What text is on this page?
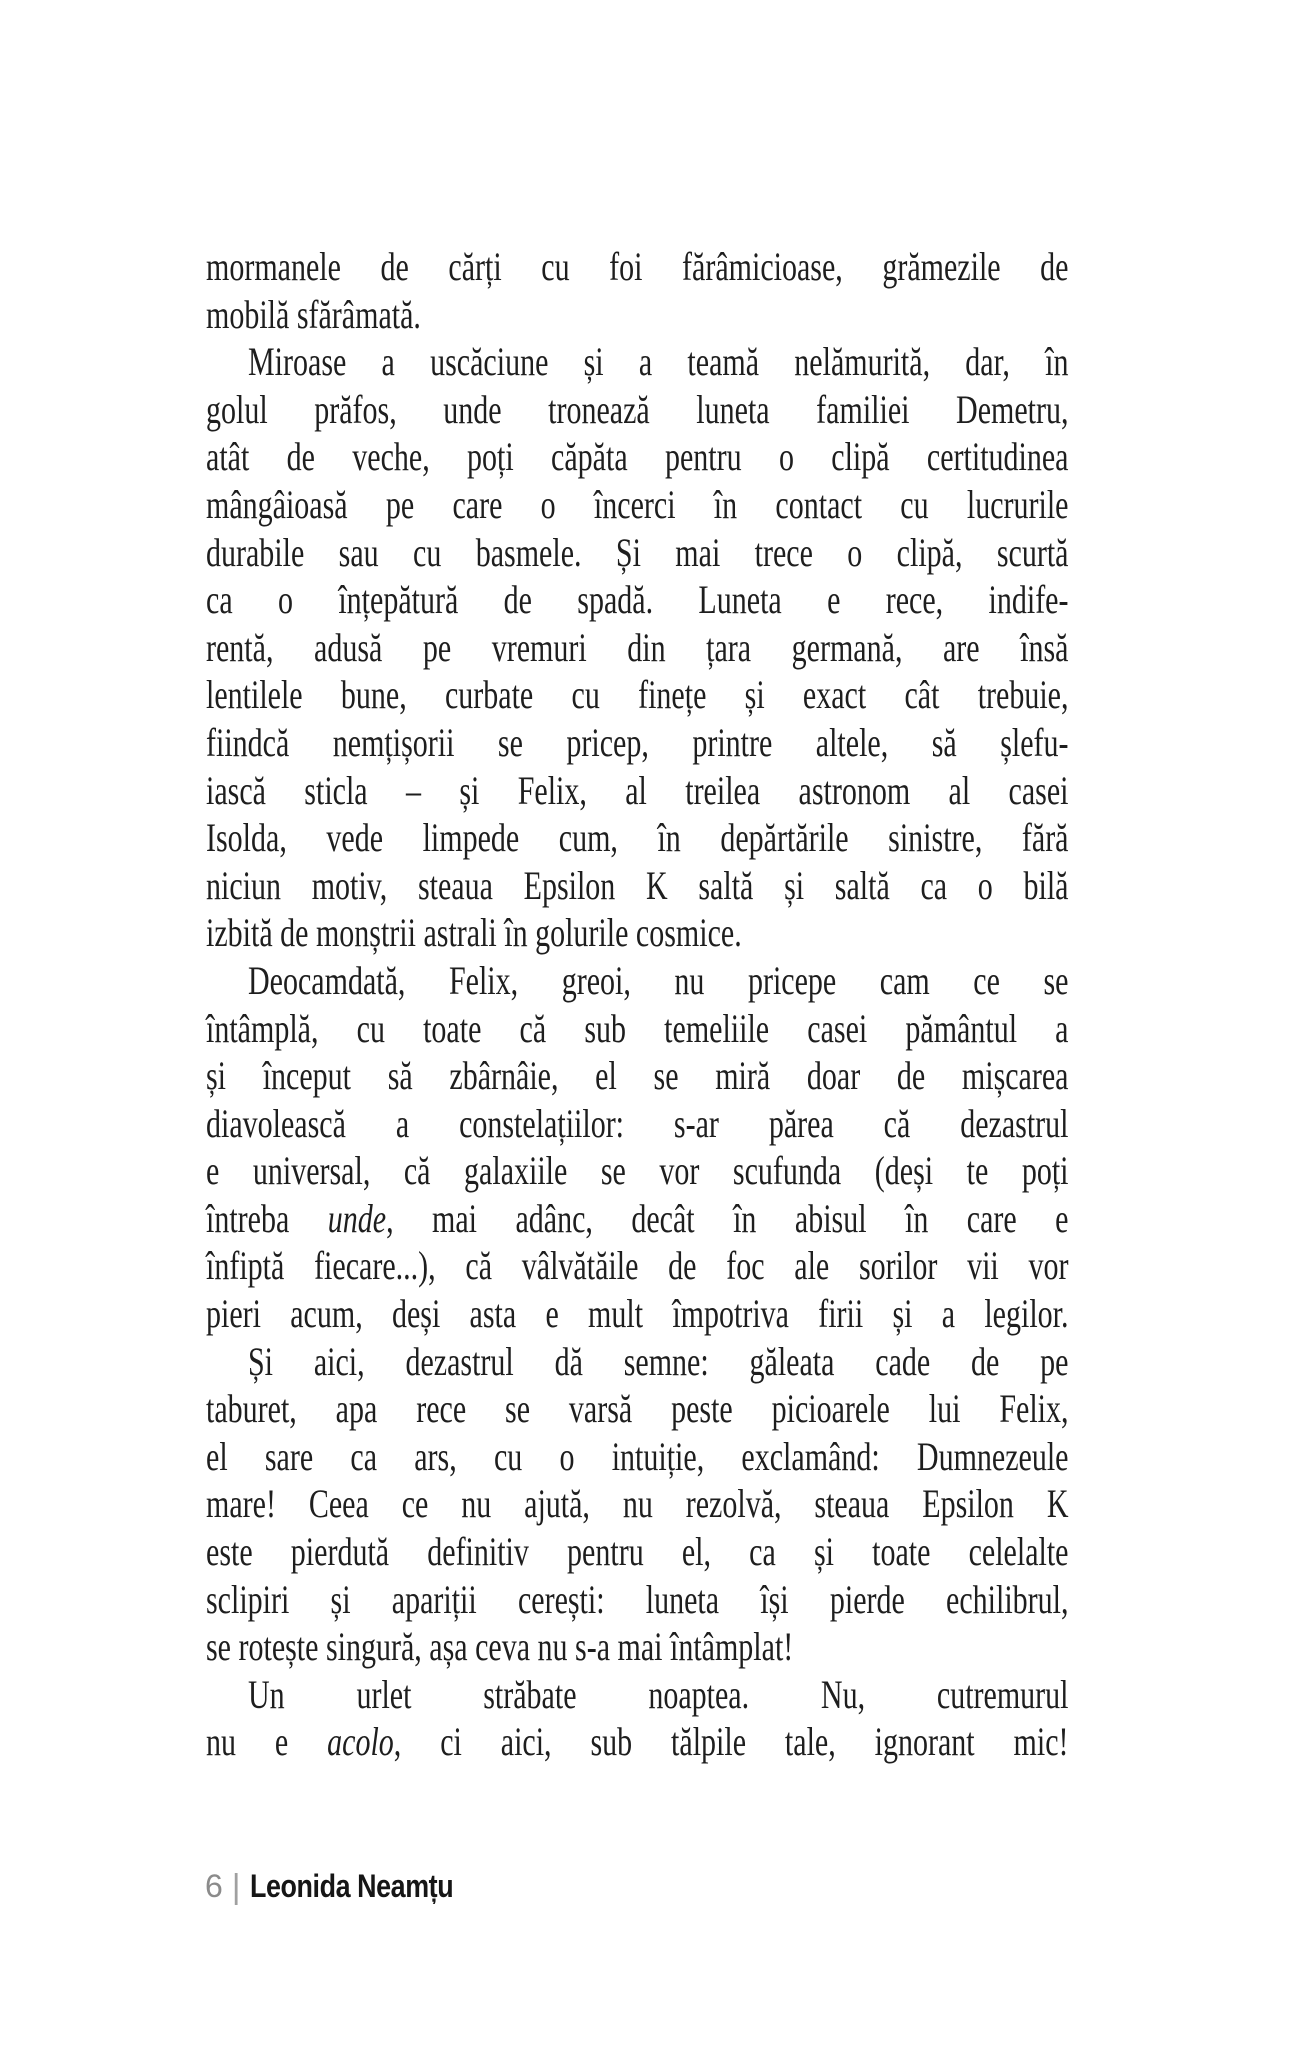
mormanele de cărți cu foi fărâmicioase, grămezile de
mobilă sfărâmată.
Miroase a uscăciune și a teamă nelămurită, dar, în
golul prăfos, unde tronează luneta familiei Demetru,
atât de veche, poți căpăta pentru o clipă certitudinea
mângâioasă pe care o încerci în contact cu lucrurile
durabile sau cu basmele. Și mai trece o clipă, scurtă
ca o înțepătură de spadă. Luneta e rece, indife-
rentă, adusă pe vremuri din țara germană, are însă
lentilele bune, curbate cu finețe și exact cât trebuie,
fiindcă nemțișorii se pricep, printre altele, să șlefu-
iască sticla – și Felix, al treilea astronom al casei
Isolda, vede limpede cum, în depărtările sinistre, fără
niciun motiv, steaua Epsilon K saltă și saltă ca o bilă
izbită de monștrii astrali în golurile cosmice.
Deocamdată, Felix, greoi, nu pricepe cam ce se
întâmplă, cu toate că sub temeliile casei pământul a
și început să zbârnâie, el se miră doar de mișcarea
diavolească a constelațiilor: s-ar părea că dezastrul
e universal, că galaxiile se vor scufunda (deși te poți
întreba unde, mai adânc, decât în abisul în care e
înfiptă fiecare...), că vâlvătăile de foc ale sorilor vii vor
pieri acum, deși asta e mult împotriva firii și a legilor.
Și aici, dezastrul dă semne: găleata cade de pe
taburet, apa rece se varsă peste picioarele lui Felix,
el sare ca ars, cu o intuiție, exclamând: Dumnezeule
mare! Ceea ce nu ajută, nu rezolvă, steaua Epsilon K
este pierdută definitiv pentru el, ca și toate celelalte
sclipiri și apariții cerești: luneta își pierde echilibrul,
se rotește singură, așa ceva nu s-a mai întâmplat!
Un urlet străbate noaptea. Nu, cutremurul
nu e acolo, ci aici, sub tălpile tale, ignorant mic!
6 | Leonida Neamțu
